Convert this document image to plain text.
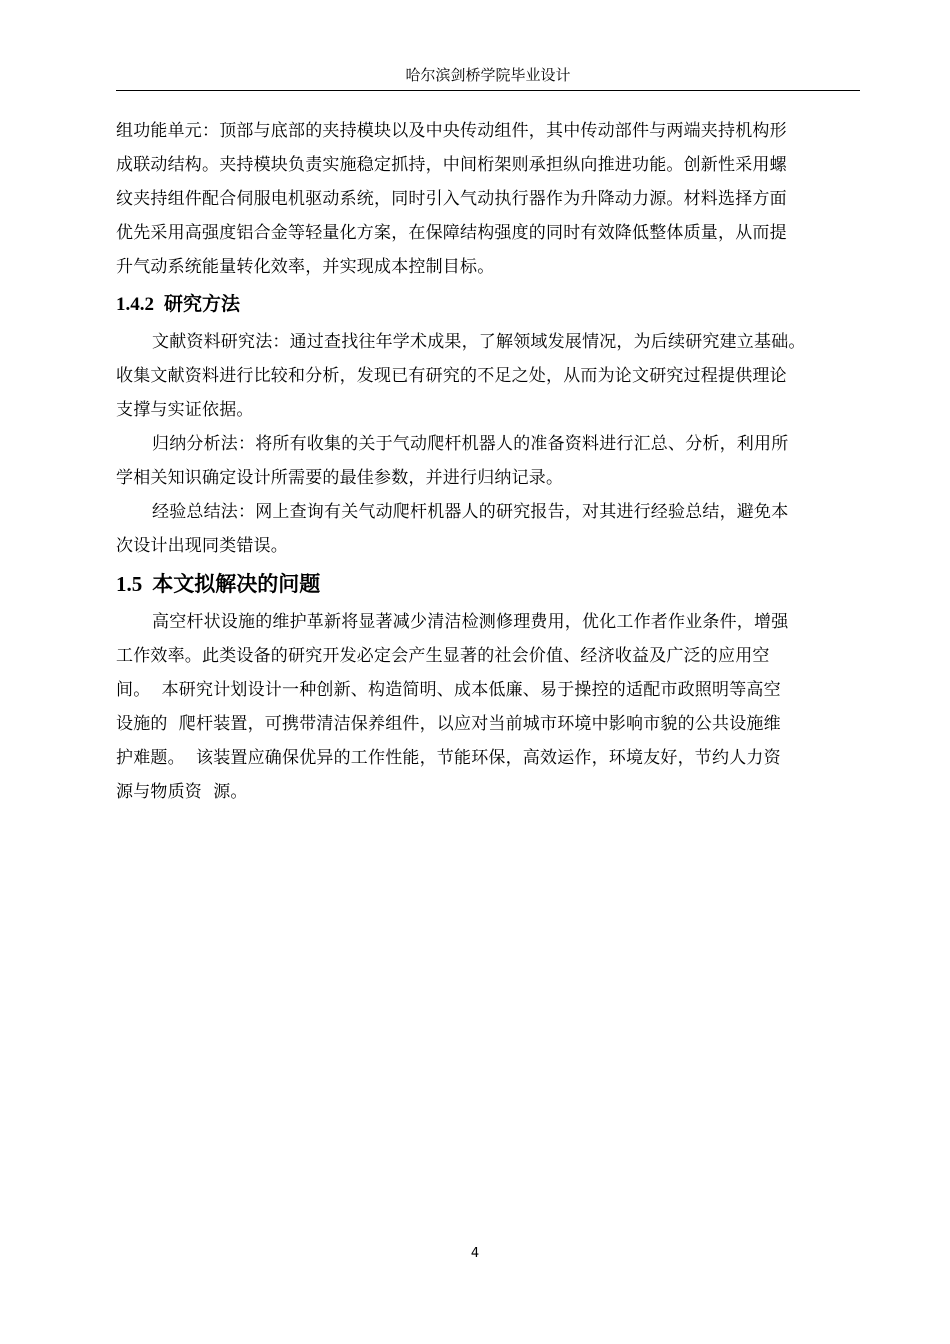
哈尔滨剑桥学院毕业设计

组功能单元：顶部与底部的夹持模块以及中央传动组件，其中传动部件与两端夹持机构形
成联动结构。夹持模块负责实施稳定抓持，中间桁架则承担纵向推进功能。创新性采用螺
纹夹持组件配合伺服电机驱动系统，同时引入气动执行器作为升降动力源。材料选择方面
优先采用高强度铝合金等轻量化方案，在保障结构强度的同时有效降低整体质量，从而提
升气动系统能量转化效率，并实现成本控制目标。

1.4.2 研究方法

文献资料研究法：通过查找往年学术成果，了解领域发展情况，为后续研究建立基础。
收集文献资料进行比较和分析，发现已有研究的不足之处，从而为论文研究过程提供理论
支撑与实证依据。

归纳分析法：将所有收集的关于气动爬杆机器人的准备资料进行汇总、分析，利用所
学相关知识确定设计所需要的最佳参数，并进行归纳记录。

经验总结法：网上查询有关气动爬杆机器人的研究报告，对其进行经验总结，避免本
次设计出现同类错误。

1.5 本文拟解决的问题

高空杆状设施的维护革新将显著减少清洁检测修理费用，优化工作者作业条件，增强
工作效率。此类设备的研究开发必定会产生显著的社会价值、经济收益及广泛的应用空
间。  本研究计划设计一种创新、构造简明、成本低廉、易于操控的适配市政照明等高空
设施的  爬杆装置，可携带清洁保养组件，以应对当前城市环境中影响市貌的公共设施维
护难题。  该装置应确保优异的工作性能，节能环保，高效运作，环境友好，节约人力资
源与物质资  源。

4
